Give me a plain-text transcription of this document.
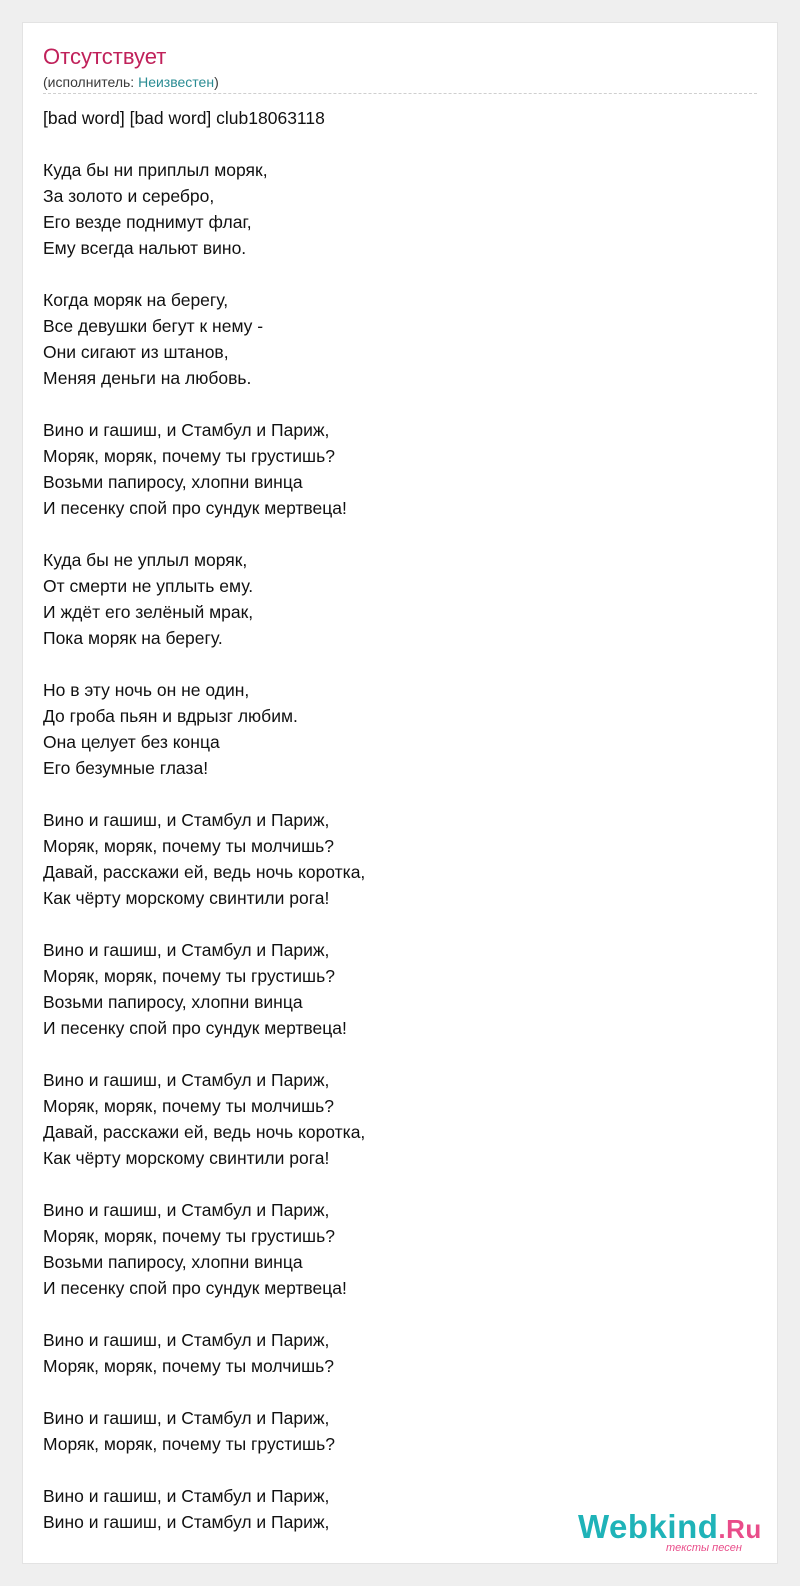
Отсутствует
(исполнитель: Неизвестен)
[bad word] [bad word] club18063118
Куда бы ни приплыл моряк,
За золото и серебро,
Его везде поднимут флаг,
Ему всегда нальют вино.
Когда моряк на берегу,
Все девушки бегут к нему -
Они сигают из штанов,
Меняя деньги на любовь.
Вино и гашиш, и Стамбул и Париж,
Моряк, моряк, почему ты грустишь?
Возьми папиросу, хлопни винца
И песенку спой про сундук мертвеца!
Куда бы не уплыл моряк,
От смерти не уплыть ему.
И ждёт его зелёный мрак,
Пока моряк на берегу.
Но в эту ночь он не один,
До гроба пьян и вдрызг любим.
Она целует без конца
Его безумные глаза!
Вино и гашиш, и Стамбул и Париж,
Моряк, моряк, почему ты молчишь?
Давай, расскажи ей, ведь ночь коротка,
Как чёрту морскому свинтили рога!
Вино и гашиш, и Стамбул и Париж,
Моряк, моряк, почему ты грустишь?
Возьми папиросу, хлопни винца
И песенку спой про сундук мертвеца!
Вино и гашиш, и Стамбул и Париж,
Моряк, моряк, почему ты молчишь?
Давай, расскажи ей, ведь ночь коротка,
Как чёрту морскому свинтили рога!
Вино и гашиш, и Стамбул и Париж,
Моряк, моряк, почему ты грустишь?
Возьми папиросу, хлопни винца
И песенку спой про сундук мертвеца!
Вино и гашиш, и Стамбул и Париж,
Моряк, моряк, почему ты молчишь?
Вино и гашиш, и Стамбул и Париж,
Моряк, моряк, почему ты грустишь?
Вино и гашиш, и Стамбул и Париж,
Вино и гашиш, и Стамбул и Париж,	Webkind.Ru
тексты песен
